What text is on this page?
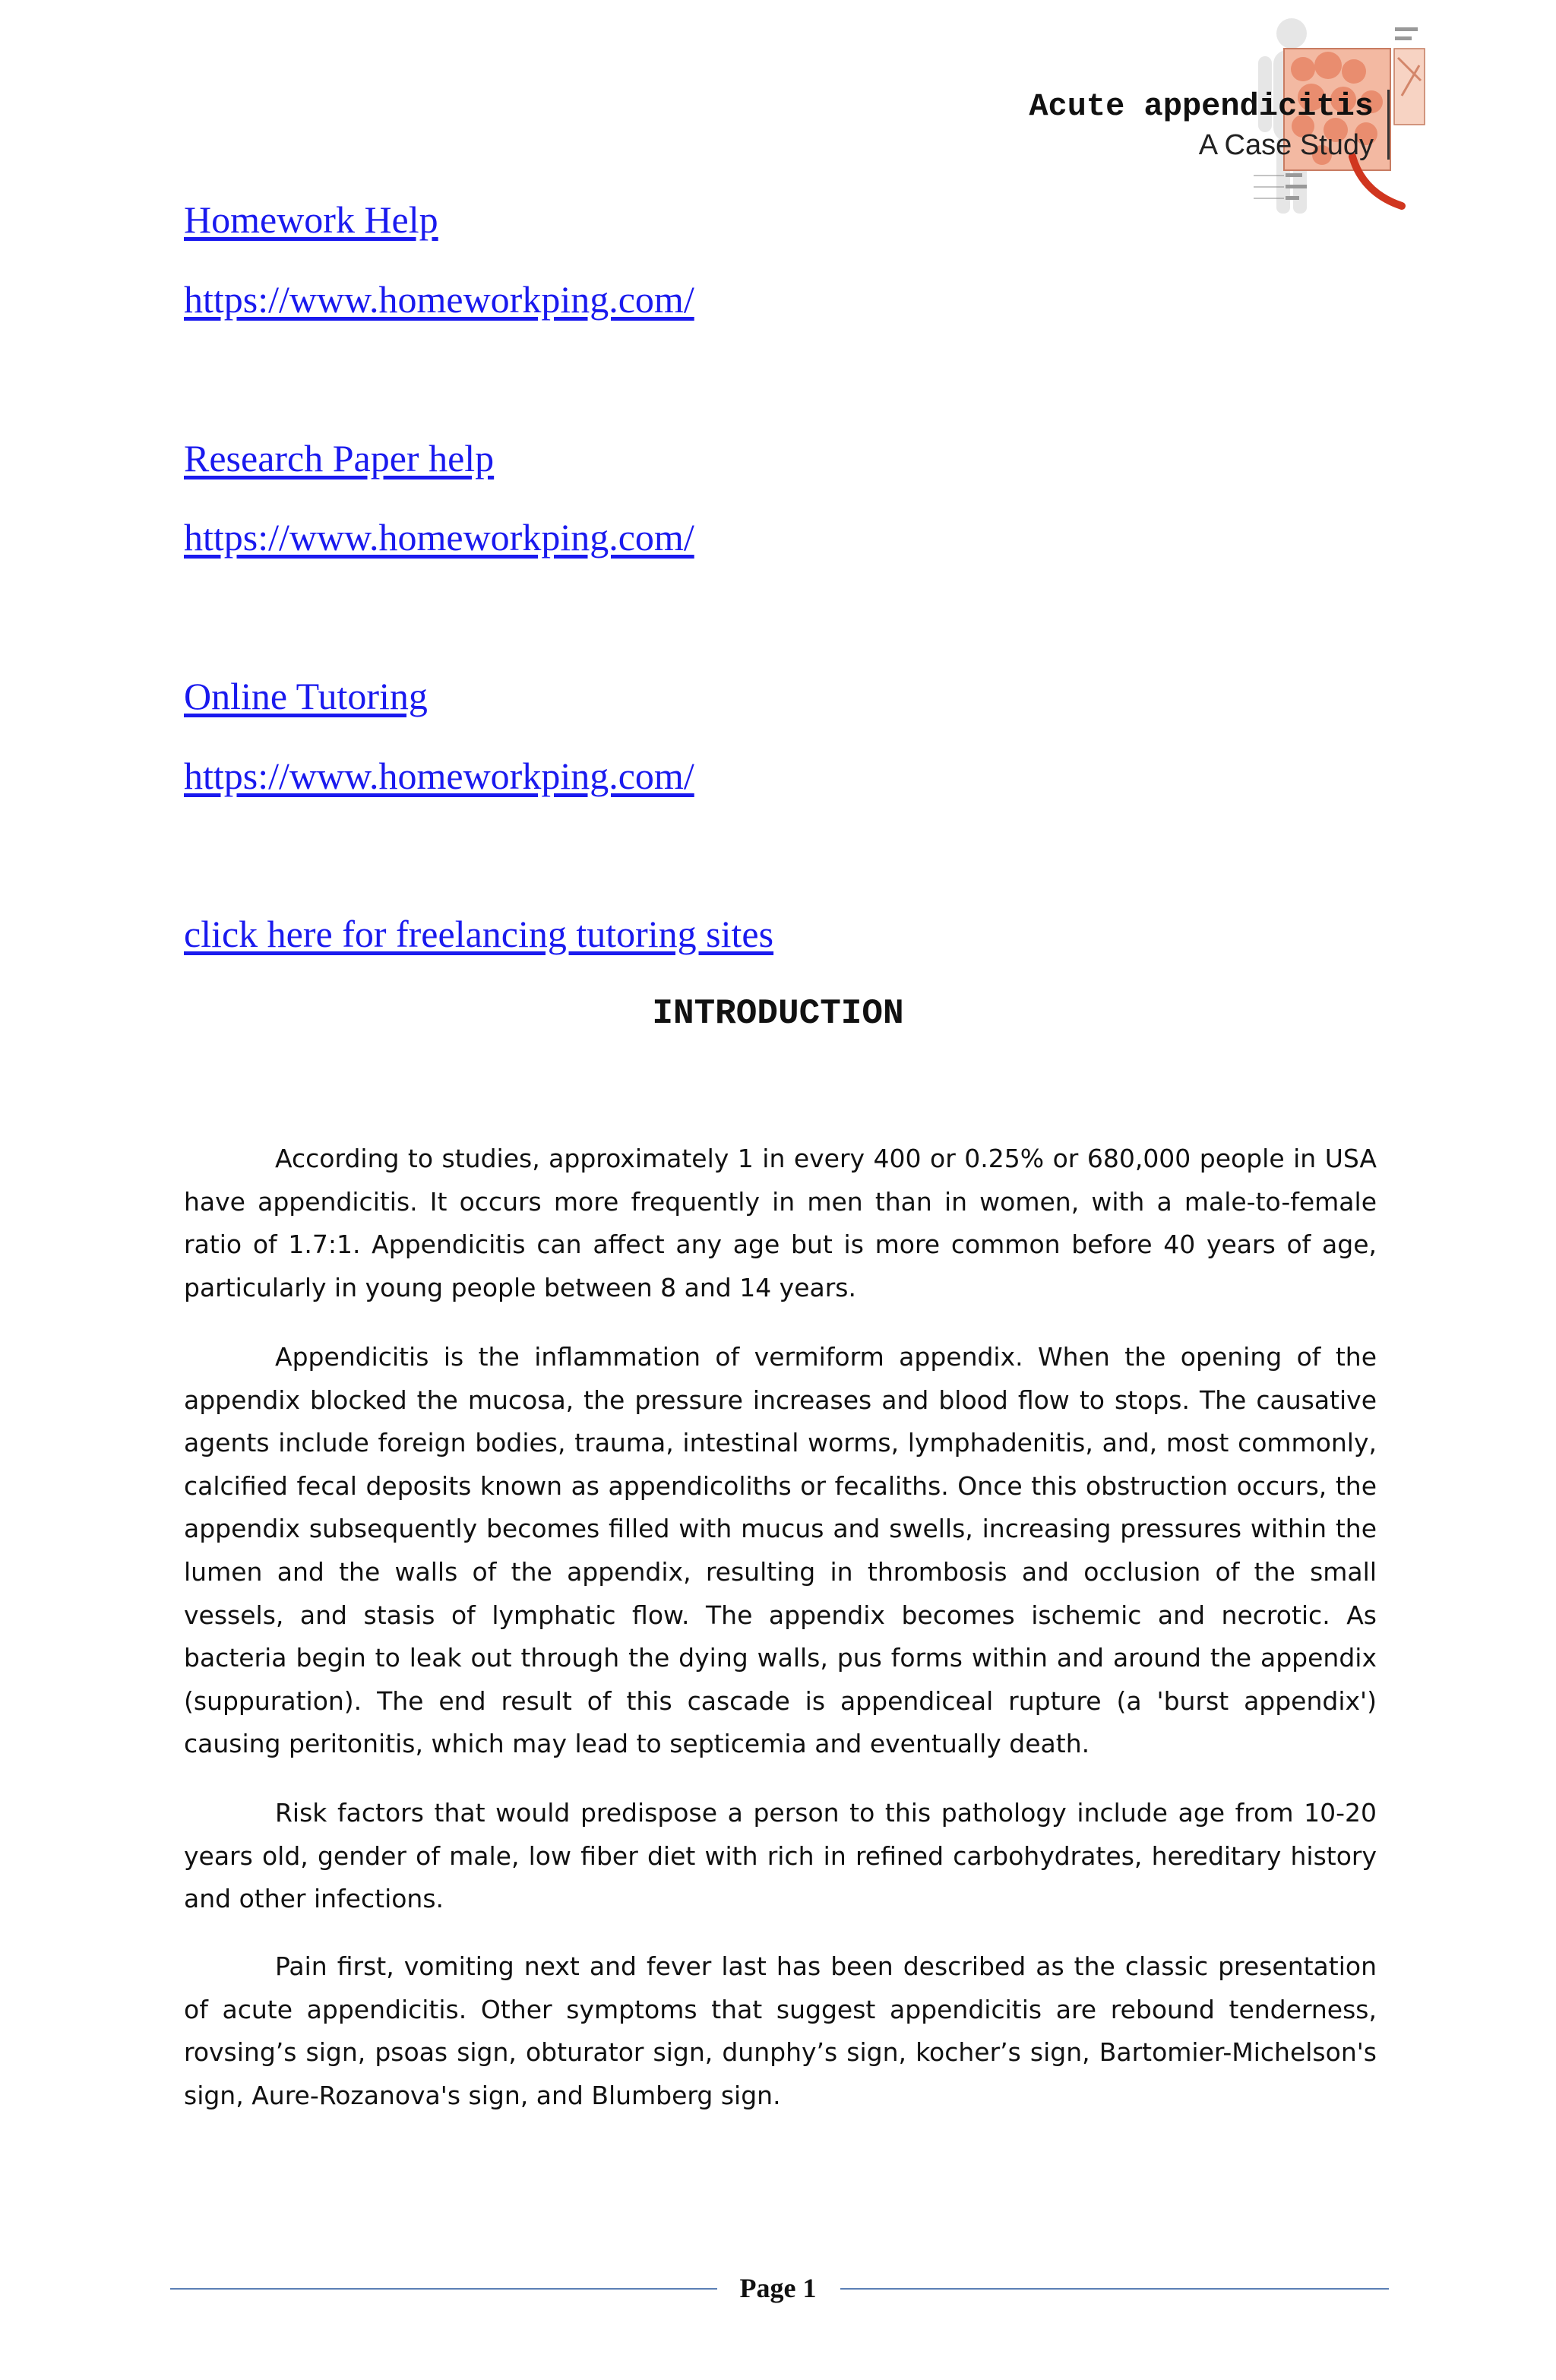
Acute appendicitis
A Case Study
Homework Help
https://www.homeworkping.com/
Research Paper help
https://www.homeworkping.com/
Online Tutoring
https://www.homeworkping.com/
click here for freelancing tutoring sites
INTRODUCTION

According to studies, approximately 1 in every 400 or 0.25% or 680,000 people in USA have appendicitis. It occurs more frequently in men than in women, with a male-to-female ratio of 1.7:1. Appendicitis can affect any age but is more common before 40 years of age, particularly in young people between 8 and 14 years.

Appendicitis is the inflammation of vermiform appendix. When the opening of the appendix blocked the mucosa, the pressure increases and blood flow to stops. The causative agents include foreign bodies, trauma, intestinal worms, lymphadenitis, and, most commonly, calcified fecal deposits known as appendicoliths or fecaliths. Once this obstruction occurs, the appendix subsequently becomes filled with mucus and swells, increasing pressures within the lumen and the walls of the appendix, resulting in thrombosis and occlusion of the small vessels, and stasis of lymphatic flow. The appendix becomes ischemic and necrotic. As bacteria begin to leak out through the dying walls, pus forms within and around the appendix (suppuration). The end result of this cascade is appendiceal rupture (a 'burst appendix') causing peritonitis, which may lead to septicemia and eventually death.

Risk factors that would predispose a person to this pathology include age from 10-20 years old, gender of male, low fiber diet with rich in refined carbohydrates, hereditary history and other infections.

Pain first, vomiting next and fever last has been described as the classic presentation of acute appendicitis. Other symptoms that suggest appendicitis are rebound tenderness, rovsing’s sign, psoas sign, obturator sign, dunphy’s sign, kocher’s sign, Bartomier-Michelson's sign, Aure-Rozanova's sign, and Blumberg sign.

Page 1
